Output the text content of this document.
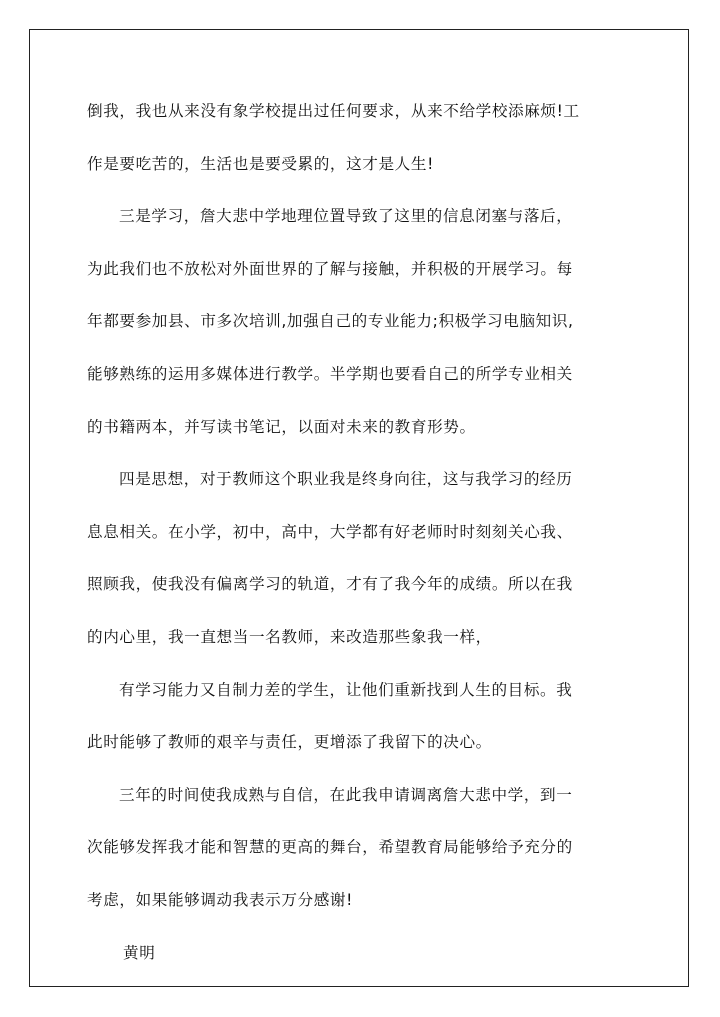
倒我，我也从来没有象学校提出过任何要求，从来不给学校添麻烦!工
作是要吃苦的，生活也是要受累的，这才是人生!
三是学习，詹大悲中学地理位置导致了这里的信息闭塞与落后，
为此我们也不放松对外面世界的了解与接触，并积极的开展学习。每
年都要参加县、市多次培训,加强自己的专业能力;积极学习电脑知识,
能够熟练的运用多媒体进行教学。半学期也要看自己的所学专业相关
的书籍两本，并写读书笔记，以面对未来的教育形势。
四是思想，对于教师这个职业我是终身向往，这与我学习的经历
息息相关。在小学，初中，高中，大学都有好老师时时刻刻关心我、
照顾我，使我没有偏离学习的轨道，才有了我今年的成绩。所以在我
的内心里，我一直想当一名教师，来改造那些象我一样，
有学习能力又自制力差的学生，让他们重新找到人生的目标。我
此时能够了教师的艰辛与责任，更增添了我留下的决心。
三年的时间使我成熟与自信，在此我申请调离詹大悲中学，到一
次能够发挥我才能和智慧的更高的舞台，希望教育局能够给予充分的
考虑，如果能够调动我表示万分感谢!
黄明
